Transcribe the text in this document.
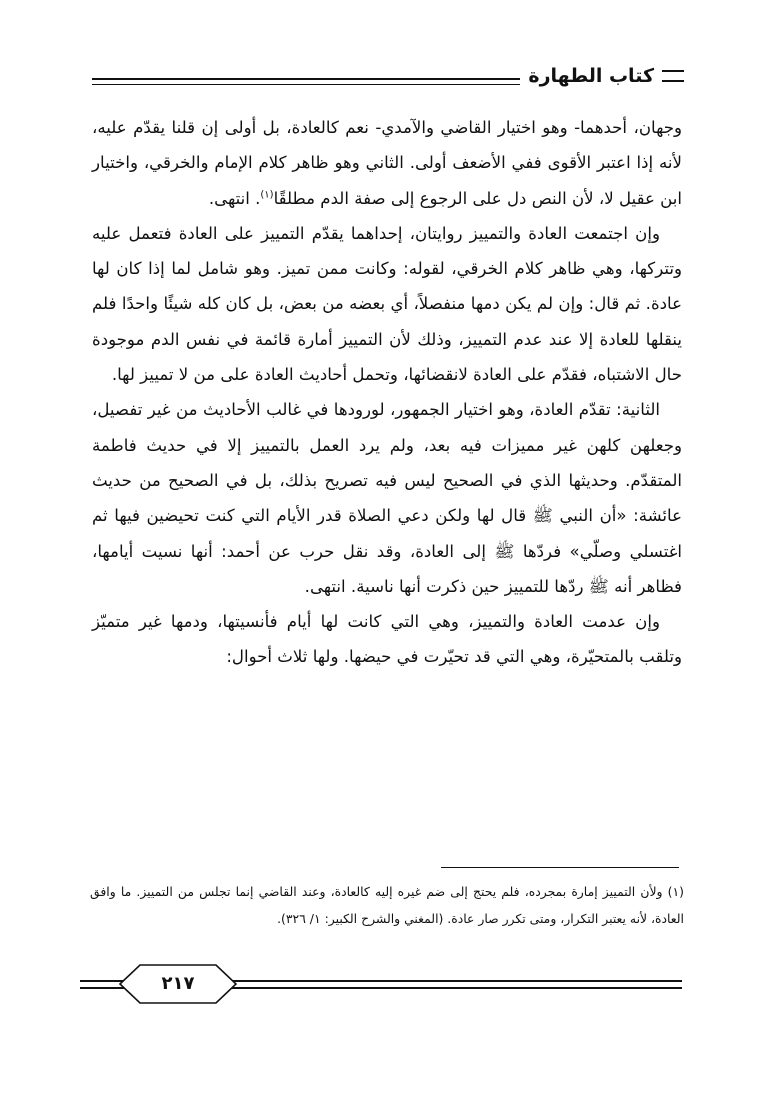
كتاب الطهارة

وجهان، أحدهما- وهو اختيار القاضي والآمدي- نعم كالعادة، بل أولى إن قلنا يقدّم عليه، لأنه إذا اعتبر الأقوى ففي الأضعف أولى. الثاني وهو ظاهر كلام الإمام والخرقي، واختيار ابن عقيل لا، لأن النص دل على الرجوع إلى صفة الدم مطلقًا$^{(١)}$. انتهى.

وإن اجتمعت العادة والتمييز روايتان، إحداهما يقدّم التمييز على العادة فتعمل عليه وتتركها، وهي ظاهر كلام الخرقي، لقوله: وكانت ممن تميز. وهو شامل لما إذا كان لها عادة. ثم قال: وإن لم يكن دمها منفصلاً، أي بعضه من بعض، بل كان كله شيئًا واحدًا فلم ينقلها للعادة إلا عند عدم التمييز، وذلك لأن التمييز أمارة قائمة في نفس الدم موجودة حال الاشتباه، فقدّم على العادة لانقضائها، وتحمل أحاديث العادة على من لا تمييز لها.

الثانية: تقدّم العادة، وهو اختيار الجمهور، لورودها في غالب الأحاديث من غير تفصيل، وجعلهن كلهن غير مميزات فيه بعد، ولم يرد العمل بالتمييز إلا في حديث فاطمة المتقدّم. وحديثها الذي في الصحيح ليس فيه تصريح بذلك، بل في الصحيح من حديث عائشة: «أن النبي ﷺ قال لها ولكن دعي الصلاة قدر الأيام التي كنت تحيضين فيها ثم اغتسلي وصلّي» فردّها ﷺ إلى العادة، وقد نقل حرب عن أحمد: أنها نسيت أيامها، فظاهر أنه ﷺ ردّها للتمييز حين ذكرت أنها ناسية. انتهى.

وإن عدمت العادة والتمييز، وهي التي كانت لها أيام فأنسيتها، ودمها غير متميّز وتلقب بالمتحيّرة، وهي التي قد تحيّرت في حيضها. ولها ثلاث أحوال:

(١) ولأن التمييز إمارة بمجرده، فلم يحتج إلى ضم غيره إليه كالعادة، وعند القاضي إنما تجلس من التمييز. ما وافق العادة، لأنه يعتبر التكرار، ومتى تكرر صار عادة. (المغني والشرح الكبير: ١/ ٣٢٦).

٢١٧
